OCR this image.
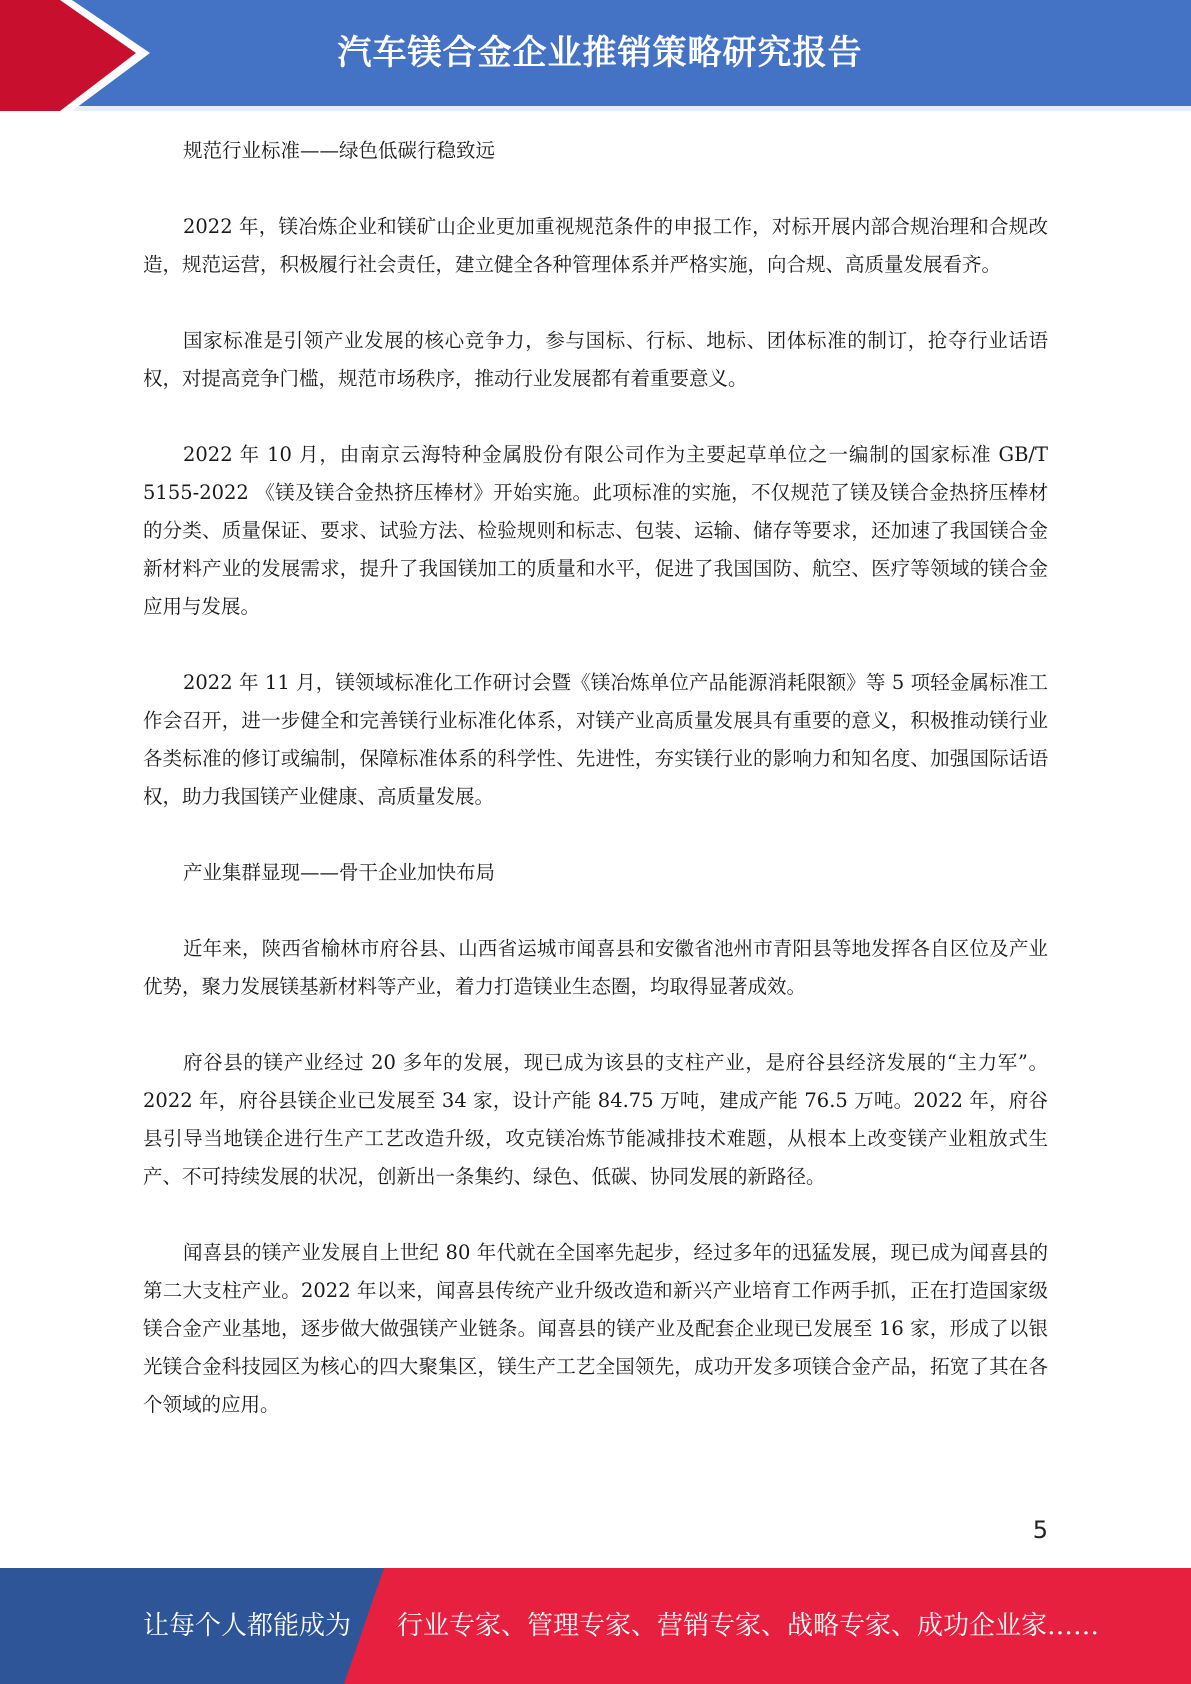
汽车镁合金企业推销策略研究报告

规范行业标准——绿色低碳行稳致远

2022 年，镁冶炼企业和镁矿山企业更加重视规范条件的申报工作，对标开展内部合规治理和合规改造，规范运营，积极履行社会责任，建立健全各种管理体系并严格实施，向合规、高质量发展看齐。

国家标准是引领产业发展的核心竞争力，参与国标、行标、地标、团体标准的制订，抢夺行业话语权，对提高竞争门槛，规范市场秩序，推动行业发展都有着重要意义。

2022 年 10 月，由南京云海特种金属股份有限公司作为主要起草单位之一编制的国家标准 GB/T 5155-2022 《镁及镁合金热挤压棒材》开始实施。此项标准的实施，不仅规范了镁及镁合金热挤压棒材的分类、质量保证、要求、试验方法、检验规则和标志、包装、运输、储存等要求，还加速了我国镁合金新材料产业的发展需求，提升了我国镁加工的质量和水平，促进了我国国防、航空、医疗等领域的镁合金应用与发展。

2022 年 11 月，镁领域标准化工作研讨会暨《镁冶炼单位产品能源消耗限额》等 5 项轻金属标准工作会召开，进一步健全和完善镁行业标准化体系，对镁产业高质量发展具有重要的意义，积极推动镁行业各类标准的修订或编制，保障标准体系的科学性、先进性，夯实镁行业的影响力和知名度、加强国际话语权，助力我国镁产业健康、高质量发展。

产业集群显现——骨干企业加快布局

近年来，陕西省榆林市府谷县、山西省运城市闻喜县和安徽省池州市青阳县等地发挥各自区位及产业优势，聚力发展镁基新材料等产业，着力打造镁业生态圈，均取得显著成效。

府谷县的镁产业经过 20 多年的发展，现已成为该县的支柱产业，是府谷县经济发展的“主力军”。2022 年，府谷县镁企业已发展至 34 家，设计产能 84.75 万吨，建成产能 76.5 万吨。2022 年，府谷县引导当地镁企进行生产工艺改造升级，攻克镁冶炼节能减排技术难题，从根本上改变镁产业粗放式生产、不可持续发展的状况，创新出一条集约、绿色、低碳、协同发展的新路径。

闻喜县的镁产业发展自上世纪 80 年代就在全国率先起步，经过多年的迅猛发展，现已成为闻喜县的第二大支柱产业。2022 年以来，闻喜县传统产业升级改造和新兴产业培育工作两手抓，正在打造国家级镁合金产业基地，逐步做大做强镁产业链条。闻喜县的镁产业及配套企业现已发展至 16 家，形成了以银光镁合金科技园区为核心的四大聚集区，镁生产工艺全国领先，成功开发多项镁合金产品，拓宽了其在各个领域的应用。

5
让每个人都能成为 行业专家、管理专家、营销专家、战略专家、成功企业家……
